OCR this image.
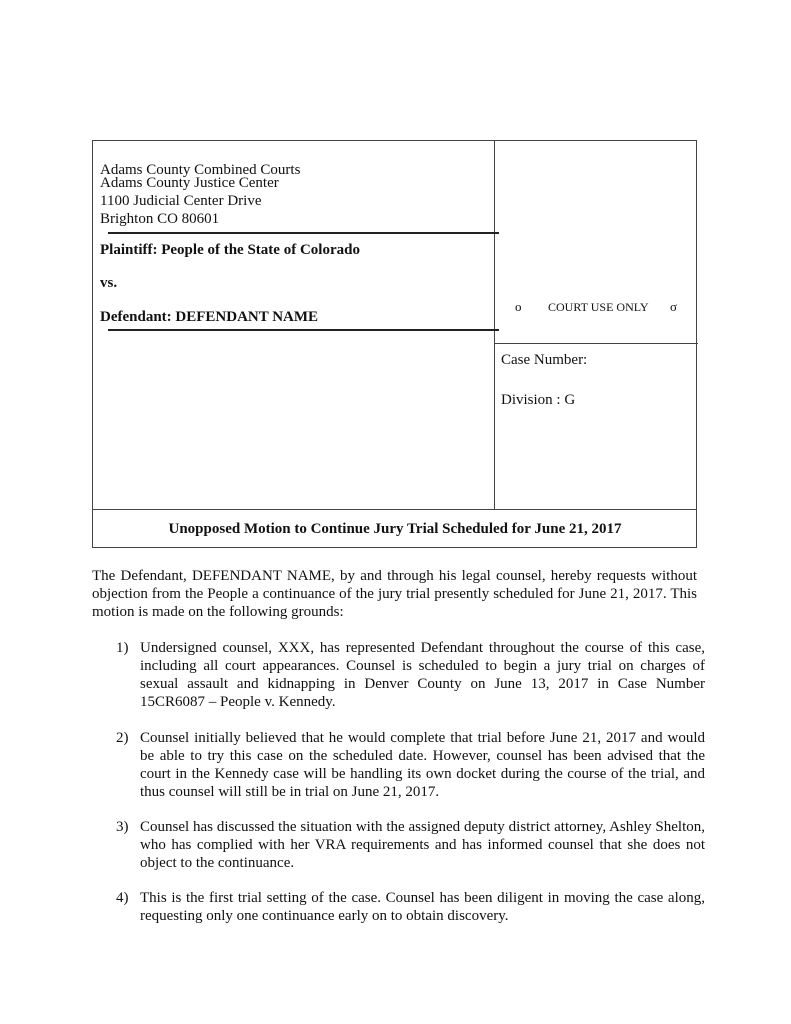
Adams County Combined Courts
Adams County Justice Center
1100 Judicial Center Drive
Brighton CO 80601
Plaintiff: People of the State of Colorado
vs.
Defendant: DEFENDANT NAME
o COURT USE ONLY σ
Case Number:
Division : G
Unopposed Motion to Continue Jury Trial Scheduled for June 21, 2017
The Defendant, DEFENDANT NAME, by and through his legal counsel, hereby requests without objection from the People a continuance of the jury trial presently scheduled for June 21, 2017. This motion is made on the following grounds:
1) Undersigned counsel, XXX, has represented Defendant throughout the course of this case, including all court appearances. Counsel is scheduled to begin a jury trial on charges of sexual assault and kidnapping in Denver County on June 13, 2017 in Case Number 15CR6087 – People v. Kennedy.
2) Counsel initially believed that he would complete that trial before June 21, 2017 and would be able to try this case on the scheduled date. However, counsel has been advised that the court in the Kennedy case will be handling its own docket during the course of the trial, and thus counsel will still be in trial on June 21, 2017.
3) Counsel has discussed the situation with the assigned deputy district attorney, Ashley Shelton, who has complied with her VRA requirements and has informed counsel that she does not object to the continuance.
4) This is the first trial setting of the case. Counsel has been diligent in moving the case along, requesting only one continuance early on to obtain discovery.
